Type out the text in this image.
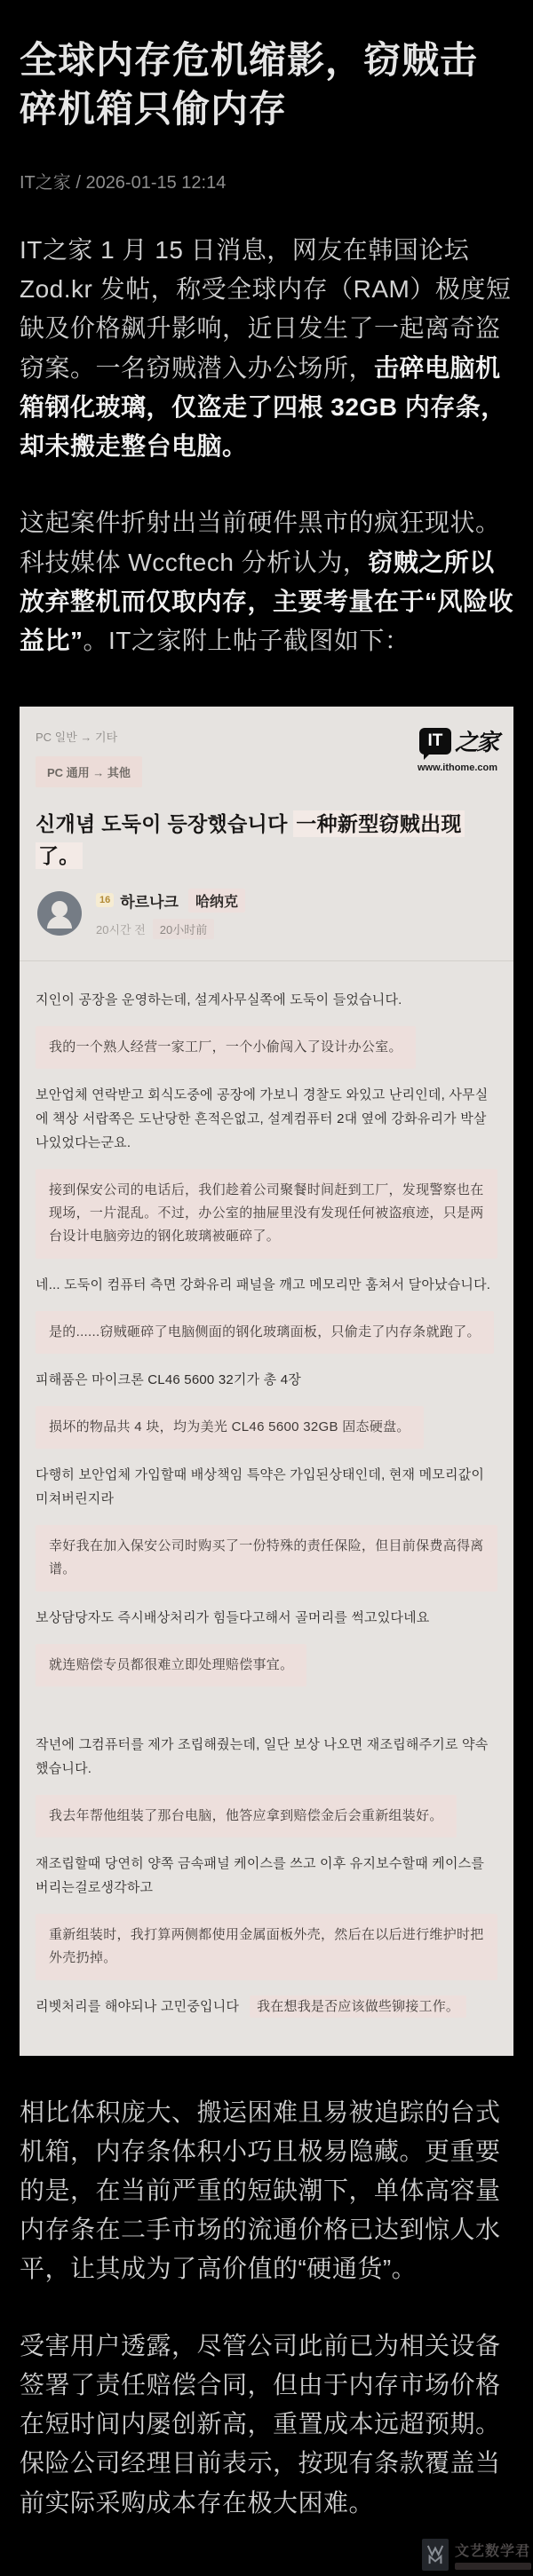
全球内存危机缩影，窃贼击碎机箱只偷内存
IT之家 / 2026-01-15 12:14

IT之家 1 月 15 日消息，网友在韩国论坛 Zod.kr 发帖，称受全球内存（RAM）极度短缺及价格飙升影响，近日发生了一起离奇盗窃案。一名窃贼潜入办公场所，击碎电脑机箱钢化玻璃，仅盗走了四根 32GB 内存条，却未搬走整台电脑。

这起案件折射出当前硬件黑市的疯狂现状。科技媒体 Wccftech 分析认为，窃贼之所以放弃整机而仅取内存，主要考量在于“风险收益比”。IT之家附上帖子截图如下：

PC 일반 → 기타
PC 通用 → 其他
IT 之家
www.ithome.com
신개념 도둑이 등장했습니다 一种新型窃贼出现了。
16 하르나크	哈纳克
20시간 전	20小时前

지인이 공장을 운영하는데, 설계사무실쪽에 도둑이 들었습니다.

我的一个熟人经营一家工厂，一个小偷闯入了设计办公室。

보안업체 연락받고 회식도중에 공장에 가보니 경찰도 와있고 난리인데, 사무실에 책상 서랍쪽은 도난당한 흔적은없고, 설계컴퓨터 2대 옆에 강화유리가 박살나있었다는군요.

接到保安公司的电话后，我们趁着公司聚餐时间赶到工厂，发现警察也在现场，一片混乱。不过，办公室的抽屉里没有发现任何被盗痕迹，只是两台设计电脑旁边的钢化玻璃被砸碎了。

네... 도둑이 컴퓨터 측면 강화유리 패널을 깨고 메모리만 훔쳐서 달아났습니다.

是的......窃贼砸碎了电脑侧面的钢化玻璃面板，只偷走了内存条就跑了。

피해품은 마이크론 CL46 5600 32기가 총 4장

损坏的物品共 4 块，均为美光 CL46 5600 32GB 固态硬盘。

다행히 보안업체 가입할때 배상책임 특약은 가입된상태인데, 현재 메모리값이 미쳐버린지라

幸好我在加入保安公司时购买了一份特殊的责任保险，但目前保费高得离谱。

보상담당자도 즉시배상처리가 힘들다고해서 골머리를 썩고있다네요

就连赔偿专员都很难立即处理赔偿事宜。

작년에 그컴퓨터를 제가 조립해줬는데, 일단 보상 나오면 재조립해주기로 약속했습니다.

我去年帮他组装了那台电脑，他答应拿到赔偿金后会重新组装好。

재조립할때 당연히 양쪽 금속패널 케이스를 쓰고 이후 유지보수할때 케이스를 버리는걸로생각하고

重新组装时，我打算两侧都使用金属面板外壳，然后在以后进行维护时把外壳扔掉。

리벳처리를 해야되나 고민중입니다 我在想我是否应该做些铆接工作。

相比体积庞大、搬运困难且易被追踪的台式机箱，内存条体积小巧且极易隐藏。更重要的是，在当前严重的短缺潮下，单体高容量内存条在二手市场的流通价格已达到惊人水平，让其成为了高价值的“硬通货”。

受害用户透露，尽管公司此前已为相关设备签署了责任赔偿合同，但由于内存市场价格在短时间内屡创新高，重置成本远超预期。保险公司经理目前表示，按现有条款覆盖当前实际采购成本存在极大困难。

文艺数学君
